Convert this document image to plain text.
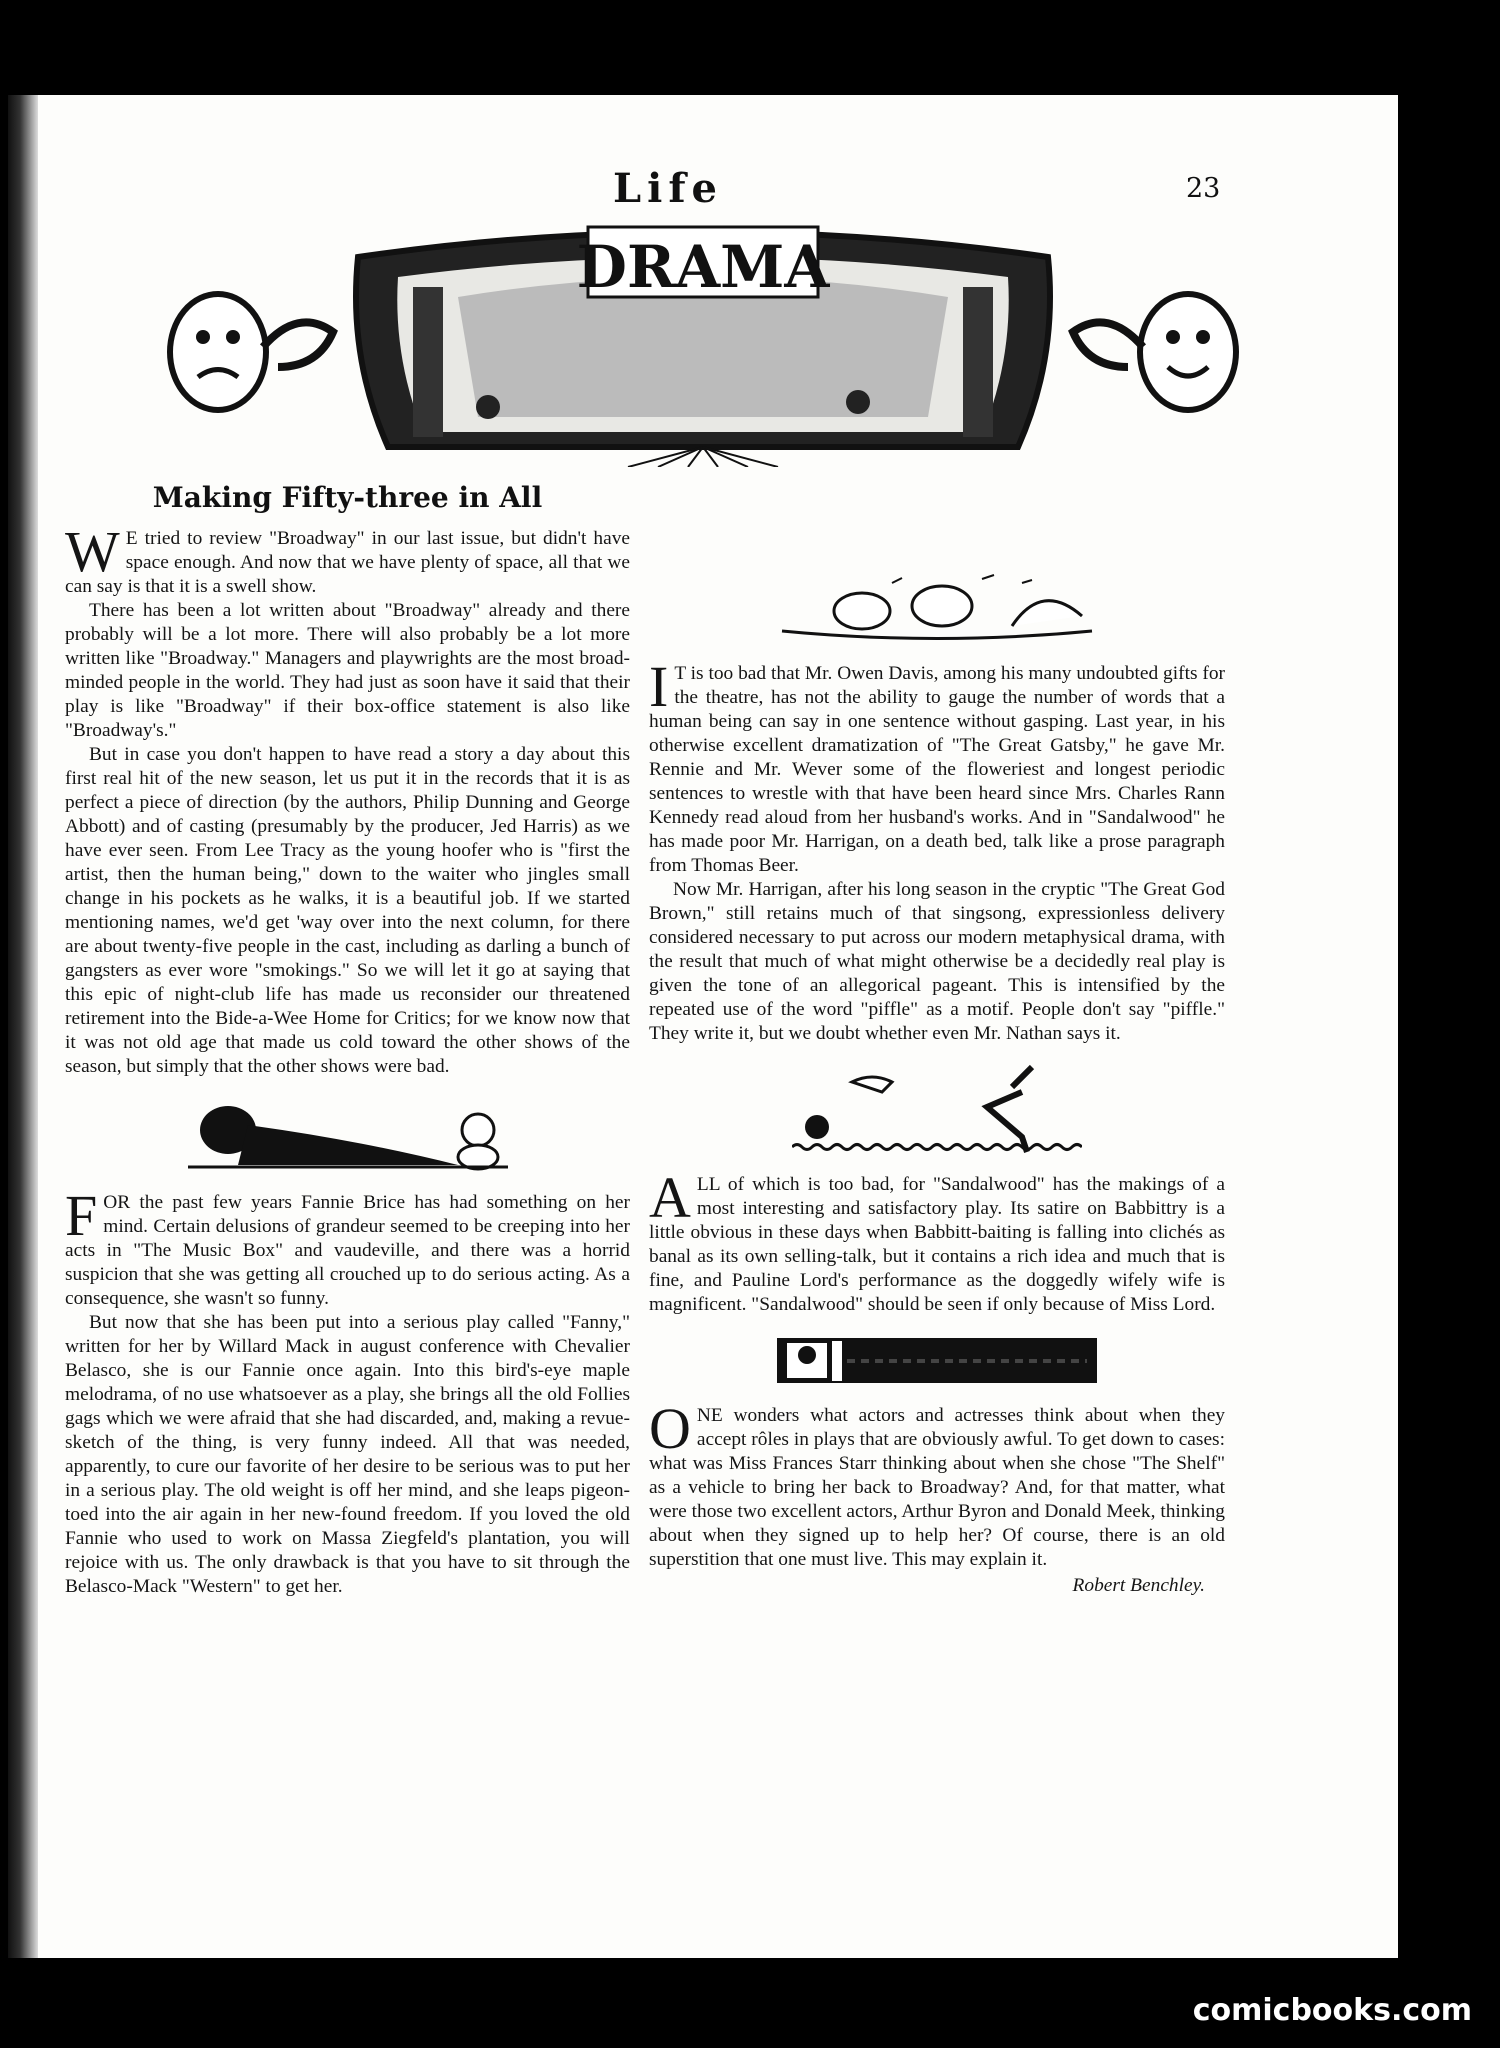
Life	23
DRAMA
Making Fifty-three in All

W E tried to review "Broadway" in our last issue, but didn't have space enough. And now that we have plenty of space, all that we can say is that it is a swell show.

There has been a lot written about "Broadway" already and there probably will be a lot more. There will also probably be a lot more written like "Broadway." Managers and playwrights are the most broad-minded people in the world. They had just as soon have it said that their play is like "Broadway" if their box-office statement is also like "Broadway's."

But in case you don't happen to have read a story a day about this first real hit of the new season, let us put it in the records that it is as perfect a piece of direction (by the authors, Philip Dunning and George Abbott) and of casting (presumably by the producer, Jed Harris) as we have ever seen. From Lee Tracy as the young hoofer who is "first the artist, then the human being," down to the waiter who jingles small change in his pockets as he walks, it is a beautiful job. If we started mentioning names, we'd get 'way over into the next column, for there are about twenty-five people in the cast, including as darling a bunch of gangsters as ever wore "smokings." So we will let it go at saying that this epic of night-club life has made us reconsider our threatened retirement into the Bide-a-Wee Home for Critics; for we know now that it was not old age that made us cold toward the other shows of the season, but simply that the other shows were bad.

FOR the past few years Fannie Brice has had something on her mind. Certain delusions of grandeur seemed to be creeping into her acts in "The Music Box" and vaudeville, and there was a horrid suspicion that she was getting all crouched up to do serious acting. As a consequence, she wasn't so funny.

But now that she has been put into a serious play called "Fanny," written for her by Willard Mack in august conference with Chevalier Belasco, she is our Fannie once again. Into this bird's-eye maple melodrama, of no use whatsoever as a play, she brings all the old Follies gags which we were afraid that she had discarded, and, making a revue-sketch of the thing, is very funny indeed. All that was needed, apparently, to cure our favorite of her desire to be serious was to put her in a serious play. The old weight is off her mind, and she leaps pigeon-toed into the air again in her new-found freedom. If you loved the old Fannie who used to work on Massa Ziegfeld's plantation, you will rejoice with us. The only drawback is that you have to sit through the Belasco-Mack "Western" to get her.

I T is too bad that Mr. Owen Davis, among his many undoubted gifts for the theatre, has not the ability to gauge the number of words that a human being can say in one sentence without gasping. Last year, in his otherwise excellent dramatization of "The Great Gatsby," he gave Mr. Rennie and Mr. Wever some of the floweriest and longest periodic sentences to wrestle with that have been heard since Mrs. Charles Rann Kennedy read aloud from her husband's works. And in "Sandalwood" he has made poor Mr. Harrigan, on a death bed, talk like a prose paragraph from Thomas Beer.

Now Mr. Harrigan, after his long season in the cryptic "The Great God Brown," still retains much of that singsong, expressionless delivery considered necessary to put across our modern metaphysical drama, with the result that much of what might otherwise be a decidedly real play is given the tone of an allegorical pageant. This is intensified by the repeated use of the word "piffle" as a motif. People don't say "piffle." They write it, but we doubt whether even Mr. Nathan says it.

ALL of which is too bad, for "Sandalwood" has the makings of a most interesting and satisfactory play. Its satire on Babbittry is a little obvious in these days when Babbitt-baiting is falling into clichés as banal as its own selling-talk, but it contains a rich idea and much that is fine, and Pauline Lord's performance as the doggedly wifely wife is magnificent. "Sandalwood" should be seen if only because of Miss Lord.

ONE wonders what actors and actresses think about when they accept rôles in plays that are obviously awful. To get down to cases: what was Miss Frances Starr thinking about when she chose "The Shelf" as a vehicle to bring her back to Broadway? And, for that matter, what were those two excellent actors, Arthur Byron and Donald Meek, thinking about when they signed up to help her? Of course, there is an old superstition that one must live. This may explain it.

Robert Benchley.
comicbooks.com
